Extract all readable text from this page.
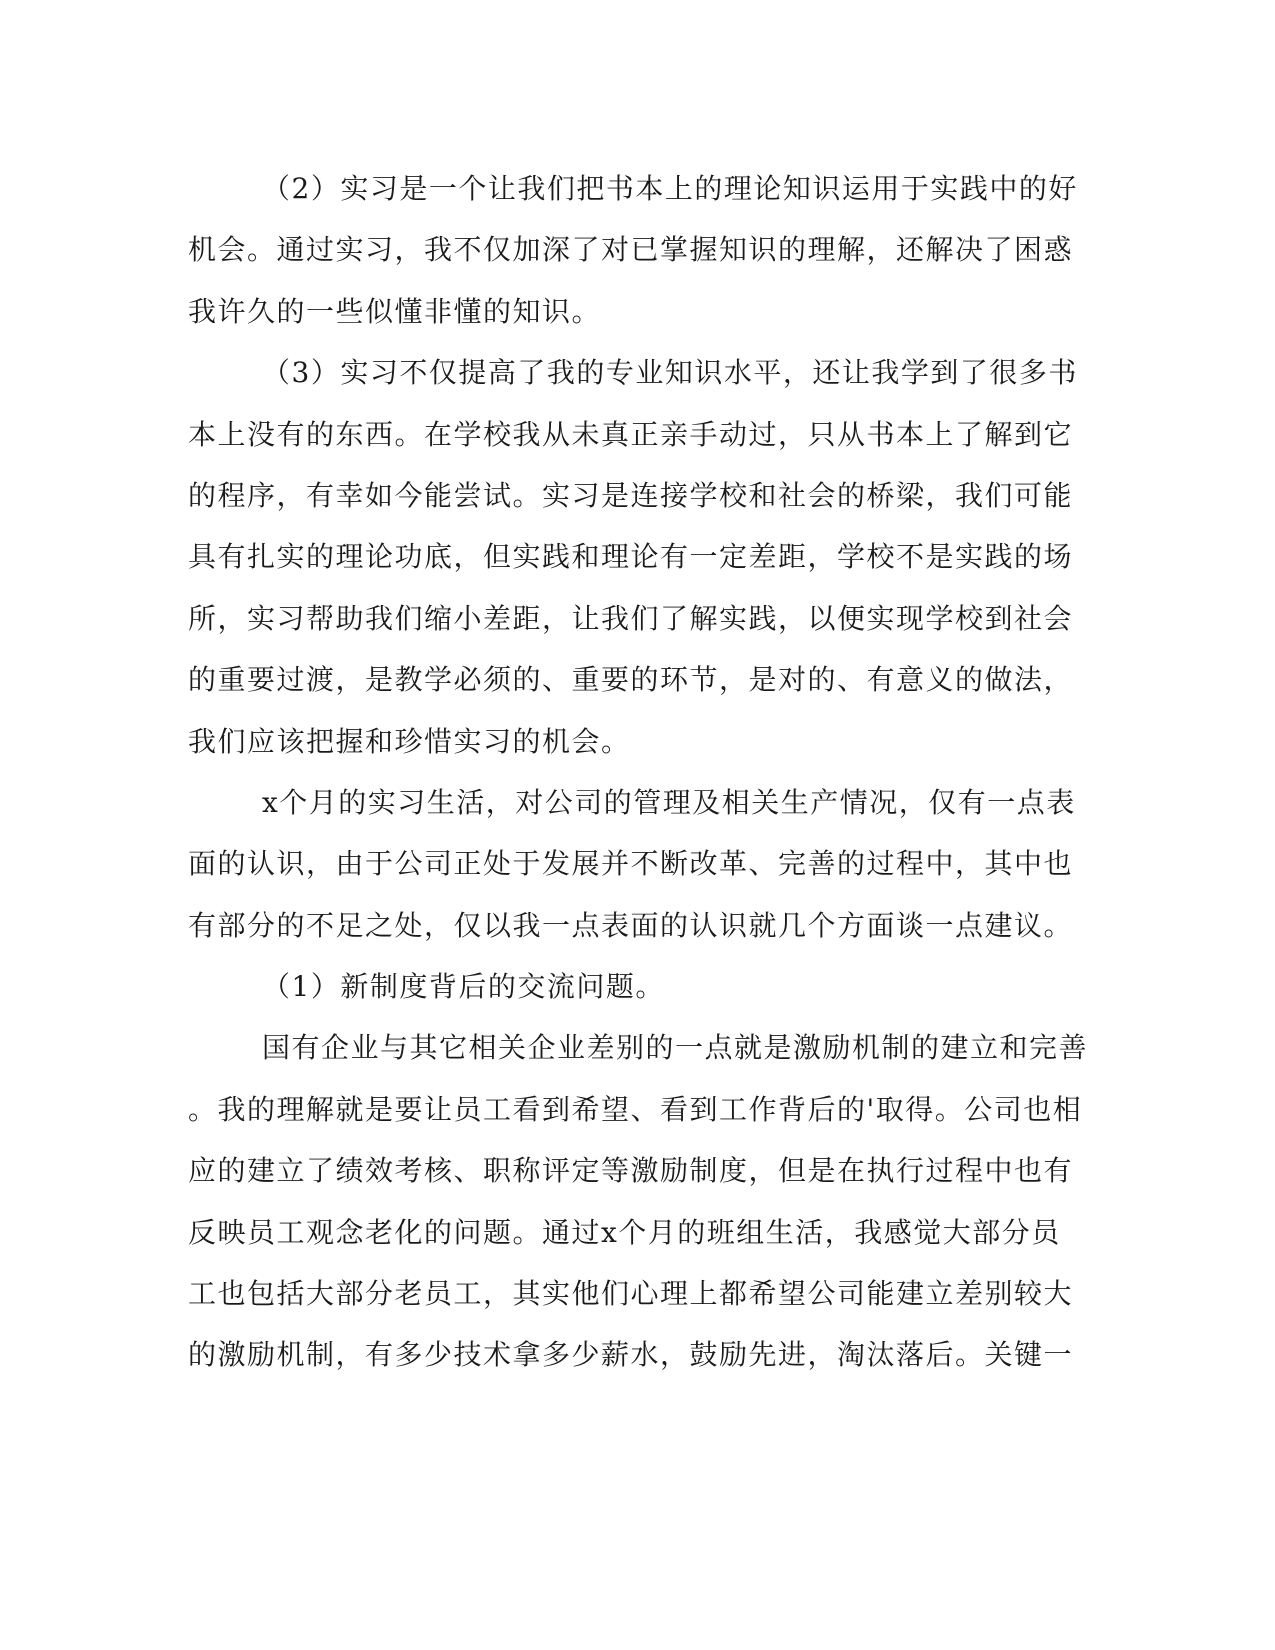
（2）实习是一个让我们把书本上的理论知识运用于实践中的好
机会。通过实习，我不仅加深了对已掌握知识的理解，还解决了困惑
我许久的一些似懂非懂的知识。
（3）实习不仅提高了我的专业知识水平，还让我学到了很多书
本上没有的东西。在学校我从未真正亲手动过，只从书本上了解到它
的程序，有幸如今能尝试。实习是连接学校和社会的桥梁，我们可能
具有扎实的理论功底，但实践和理论有一定差距，学校不是实践的场
所，实习帮助我们缩小差距，让我们了解实践，以便实现学校到社会
的重要过渡，是教学必须的、重要的环节，是对的、有意义的做法，
我们应该把握和珍惜实习的机会。
x个月的实习生活，对公司的管理及相关生产情况，仅有一点表
面的认识，由于公司正处于发展并不断改革、完善的过程中，其中也
有部分的不足之处，仅以我一点表面的认识就几个方面谈一点建议。
（1）新制度背后的交流问题。
国有企业与其它相关企业差别的一点就是激励机制的建立和完善
。我的理解就是要让员工看到希望、看到工作背后的'取得。公司也相
应的建立了绩效考核、职称评定等激励制度，但是在执行过程中也有
反映员工观念老化的问题。通过x个月的班组生活，我感觉大部分员
工也包括大部分老员工，其实他们心理上都希望公司能建立差别较大
的激励机制，有多少技术拿多少薪水，鼓励先进，淘汰落后。关键一
